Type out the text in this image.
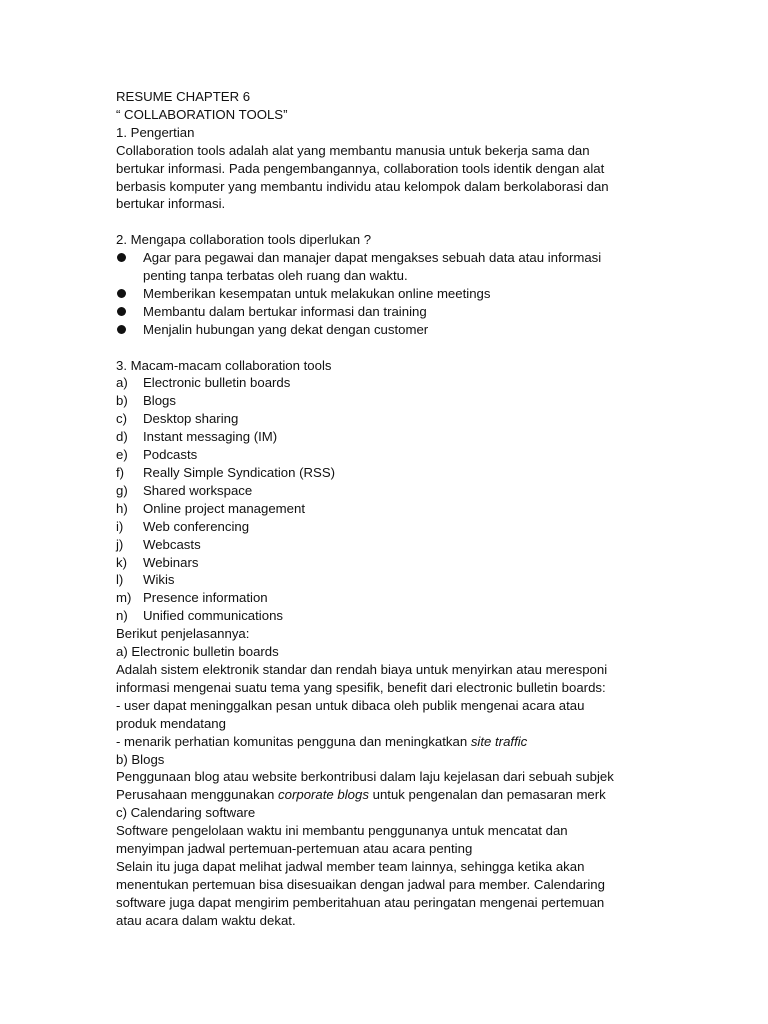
RESUME CHAPTER 6
“ COLLABORATION TOOLS”
1. Pengertian
Collaboration tools adalah alat yang membantu manusia untuk bekerja sama dan
bertukar informasi. Pada pengembangannya, collaboration tools identik dengan alat
berbasis komputer yang membantu individu atau kelompok dalam berkolaborasi dan
bertukar informasi.
2. Mengapa collaboration tools diperlukan ?
Agar para pegawai dan manajer dapat mengakses sebuah data atau informasi
penting tanpa terbatas oleh ruang dan waktu.
Memberikan kesempatan untuk melakukan online meetings
Membantu dalam bertukar informasi dan training
Menjalin hubungan yang dekat dengan customer
3. Macam-macam collaboration tools
a)	Electronic bulletin boards
b)	Blogs
c)	Desktop sharing
d)	Instant messaging (IM)
e)	Podcasts
f)	Really Simple Syndication (RSS)
g)	Shared workspace
h)	Online project management
i)	Web conferencing
j)	Webcasts
k)	Webinars
l)	Wikis
m) Presence information
n)	Unified communications
Berikut penjelasannya:
a) Electronic bulletin boards
Adalah sistem elektronik standar dan rendah biaya untuk menyirkan atau meresponi
informasi mengenai suatu tema yang spesifik, benefit dari electronic bulletin boards:
- user dapat meninggalkan pesan untuk dibaca oleh publik mengenai acara atau
produk mendatang
- menarik perhatian komunitas pengguna dan meningkatkan site traffic
b) Blogs
Penggunaan blog atau website berkontribusi dalam laju kejelasan dari sebuah subjek
Perusahaan menggunakan corporate blogs untuk pengenalan dan pemasaran merk
c) Calendaring software
Software pengelolaan waktu ini membantu penggunanya untuk mencatat dan
menyimpan jadwal pertemuan-pertemuan atau acara penting
Selain itu juga dapat melihat jadwal member team lainnya, sehingga ketika akan
menentukan pertemuan bisa disesuaikan dengan jadwal para member. Calendaring
software juga dapat mengirim pemberitahuan atau peringatan mengenai pertemuan
atau acara dalam waktu dekat.
